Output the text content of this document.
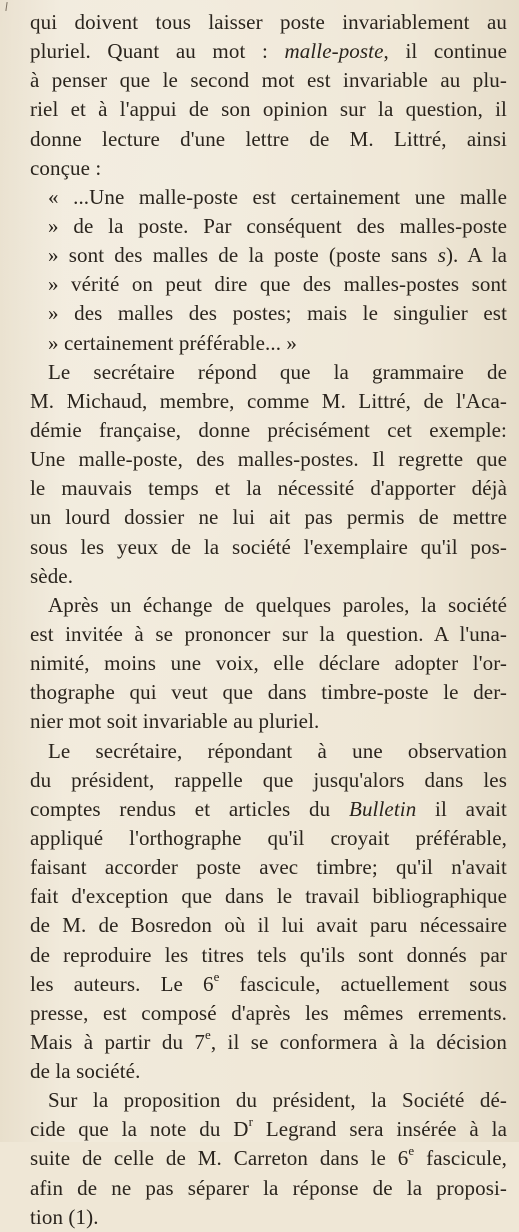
qui doivent tous laisser poste invariablement au
pluriel. Quant au mot : malle-poste, il continue
à penser que le second mot est invariable au plu-
riel et à l'appui de son opinion sur la question, il
donne lecture d'une lettre de M. Littré, ainsi
conçue :
« ...Une malle-poste est certainement une malle
» de la poste. Par conséquent des malles-poste
» sont des malles de la poste (poste sans s). A la
» vérité on peut dire que des malles-postes sont
» des malles des postes; mais le singulier est
» certainement préférable... »
Le secrétaire répond que la grammaire de
M. Michaud, membre, comme M. Littré, de l'Aca-
démie française, donne précisément cet exemple:
Une malle-poste, des malles-postes. Il regrette que
le mauvais temps et la nécessité d'apporter déjà
un lourd dossier ne lui ait pas permis de mettre
sous les yeux de la société l'exemplaire qu'il pos-
sède.
Après un échange de quelques paroles, la société
est invitée à se prononcer sur la question. A l'una-
nimité, moins une voix, elle déclare adopter l'or-
thographe qui veut que dans timbre-poste le der-
nier mot soit invariable au pluriel.
Le secrétaire, répondant à une observation
du président, rappelle que jusqu'alors dans les
comptes rendus et articles du Bulletin il avait
appliqué l'orthographe qu'il croyait préférable,
faisant accorder poste avec timbre; qu'il n'avait
fait d'exception que dans le travail bibliographique
de M. de Bosredon où il lui avait paru nécessaire
de reproduire les titres tels qu'ils sont donnés par
les auteurs. Le 6e fascicule, actuellement sous
presse, est composé d'après les mêmes errements.
Mais à partir du 7e, il se conformera à la décision
de la société.
Sur la proposition du président, la Société dé-
cide que la note du $D^r$ Legrand sera insérée à la
suite de celle de M. Carreton dans le 6e fascicule,
afin de ne pas séparer la réponse de la proposi-
tion (1).
